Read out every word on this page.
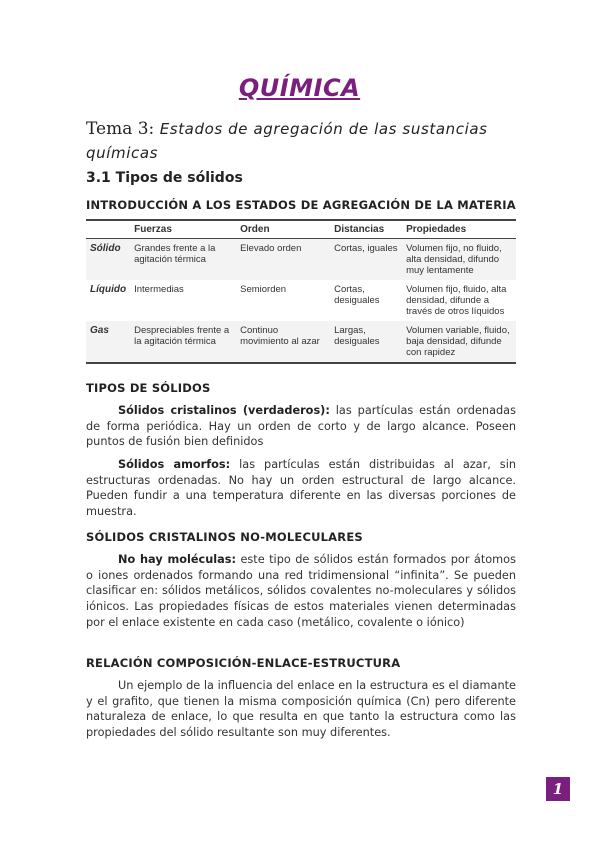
QUÍMICA
Tema 3: Estados de agregación de las sustancias químicas
3.1 Tipos de sólidos
INTRODUCCIÓN A LOS ESTADOS DE AGREGACIÓN DE LA MATERIA
	Fuerzas	Orden	Distancias	Propiedades
Sólido	Grandes frente a la agitación térmica	Elevado orden	Cortas, iguales	Volumen fijo, no fluido, alta densidad, difundo muy lentamente
Líquido	Intermedias	Semiorden	Cortas, desiguales	Volumen fijo, fluido, alta densidad, difunde a través de otros líquidos
Gas	Despreciables frente a la agitación térmica	Continuo movimiento al azar	Largas, desiguales	Volumen variable, fluido, baja densidad, difunde con rapidez
TIPOS DE SÓLIDOS
Sólidos cristalinos (verdaderos): las partículas están ordenadas de forma periódica. Hay un orden de corto y de largo alcance. Poseen puntos de fusión bien definidos
Sólidos amorfos: las partículas están distribuidas al azar, sin estructuras ordenadas. No hay un orden estructural de largo alcance. Pueden fundir a una temperatura diferente en las diversas porciones de muestra.
SÓLIDOS CRISTALINOS NO-MOLECULARES
No hay moléculas: este tipo de sólidos están formados por átomos o iones ordenados formando una red tridimensional “infinita”. Se pueden clasificar en: sólidos metálicos, sólidos covalentes no-moleculares y sólidos iónicos. Las propiedades físicas de estos materiales vienen determinadas por el enlace existente en cada caso (metálico, covalente o iónico)
RELACIÓN COMPOSICIÓN-ENLACE-ESTRUCTURA
Un ejemplo de la influencia del enlace en la estructura es el diamante y el grafito, que tienen la misma composición química (Cn) pero diferente naturaleza de enlace, lo que resulta en que tanto la estructura como las propiedades del sólido resultante son muy diferentes.
1
